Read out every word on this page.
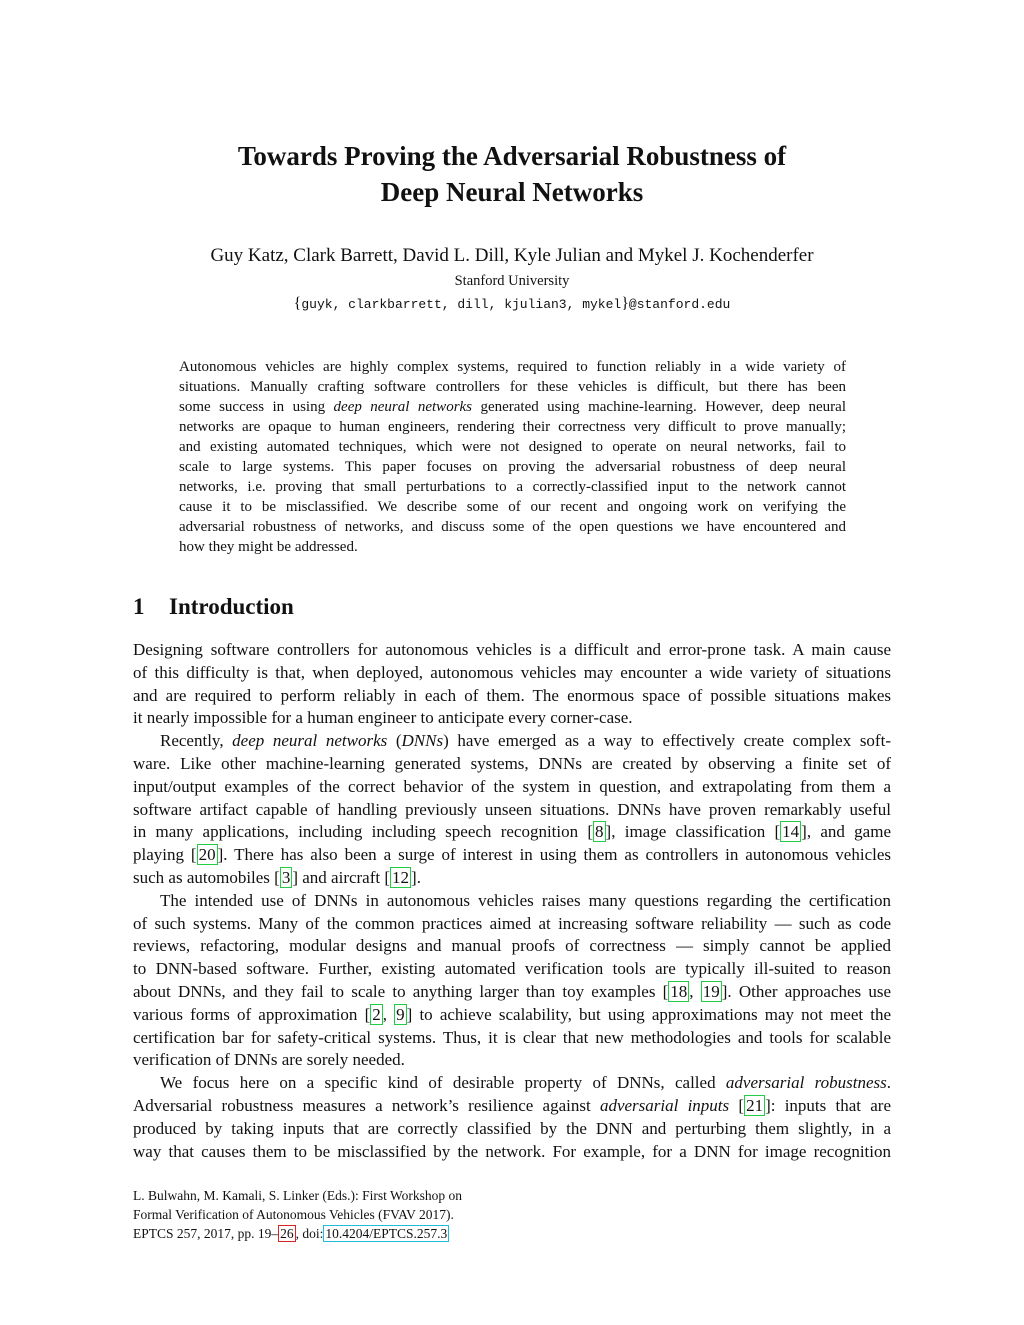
Towards Proving the Adversarial Robustness of
Deep Neural Networks
Guy Katz, Clark Barrett, David L. Dill, Kyle Julian and Mykel J. Kochenderfer
Stanford University
{guyk, clarkbarrett, dill, kjulian3, mykel}@stanford.edu
Autonomous vehicles are highly complex systems, required to function reliably in a wide variety of
situations. Manually crafting software controllers for these vehicles is difficult, but there has been
some success in using deep neural networks generated using machine-learning. However, deep neural
networks are opaque to human engineers, rendering their correctness very difficult to prove manually;
and existing automated techniques, which were not designed to operate on neural networks, fail to
scale to large systems. This paper focuses on proving the adversarial robustness of deep neural
networks, i.e. proving that small perturbations to a correctly-classified input to the network cannot
cause it to be misclassified. We describe some of our recent and ongoing work on verifying the
adversarial robustness of networks, and discuss some of the open questions we have encountered and
how they might be addressed.
1 Introduction
Designing software controllers for autonomous vehicles is a difficult and error-prone task. A main cause
of this difficulty is that, when deployed, autonomous vehicles may encounter a wide variety of situations
and are required to perform reliably in each of them. The enormous space of possible situations makes
it nearly impossible for a human engineer to anticipate every corner-case.
Recently, deep neural networks (DNNs) have emerged as a way to effectively create complex soft-
ware. Like other machine-learning generated systems, DNNs are created by observing a finite set of
input/output examples of the correct behavior of the system in question, and extrapolating from them a
software artifact capable of handling previously unseen situations. DNNs have proven remarkably useful
in many applications, including including speech recognition [ 8 ], image classification [ 14 ], and game
playing [ 20 ]. There has also been a surge of interest in using them as controllers in autonomous vehicles
such as automobiles [ 3 ] and aircraft [ 12 ].
The intended use of DNNs in autonomous vehicles raises many questions regarding the certification
of such systems. Many of the common practices aimed at increasing software reliability — such as code
reviews, refactoring, modular designs and manual proofs of correctness — simply cannot be applied
to DNN-based software. Further, existing automated verification tools are typically ill-suited to reason
about DNNs, and they fail to scale to anything larger than toy examples [ 18 , 19 ]. Other approaches use
various forms of approximation [ 2 , 9 ] to achieve scalability, but using approximations may not meet the
certification bar for safety-critical systems. Thus, it is clear that new methodologies and tools for scalable
verification of DNNs are sorely needed.
We focus here on a specific kind of desirable property of DNNs, called adversarial robustness.
Adversarial robustness measures a network’s resilience against adversarial inputs [ 21 ]: inputs that are
produced by taking inputs that are correctly classified by the DNN and perturbing them slightly, in a
way that causes them to be misclassified by the network. For example, for a DNN for image recognition
L. Bulwahn, M. Kamali, S. Linker (Eds.): First Workshop on
Formal Verification of Autonomous Vehicles (FVAV 2017).
EPTCS 257, 2017, pp. 19– 26 , doi: 10.4204/EPTCS.257.3
